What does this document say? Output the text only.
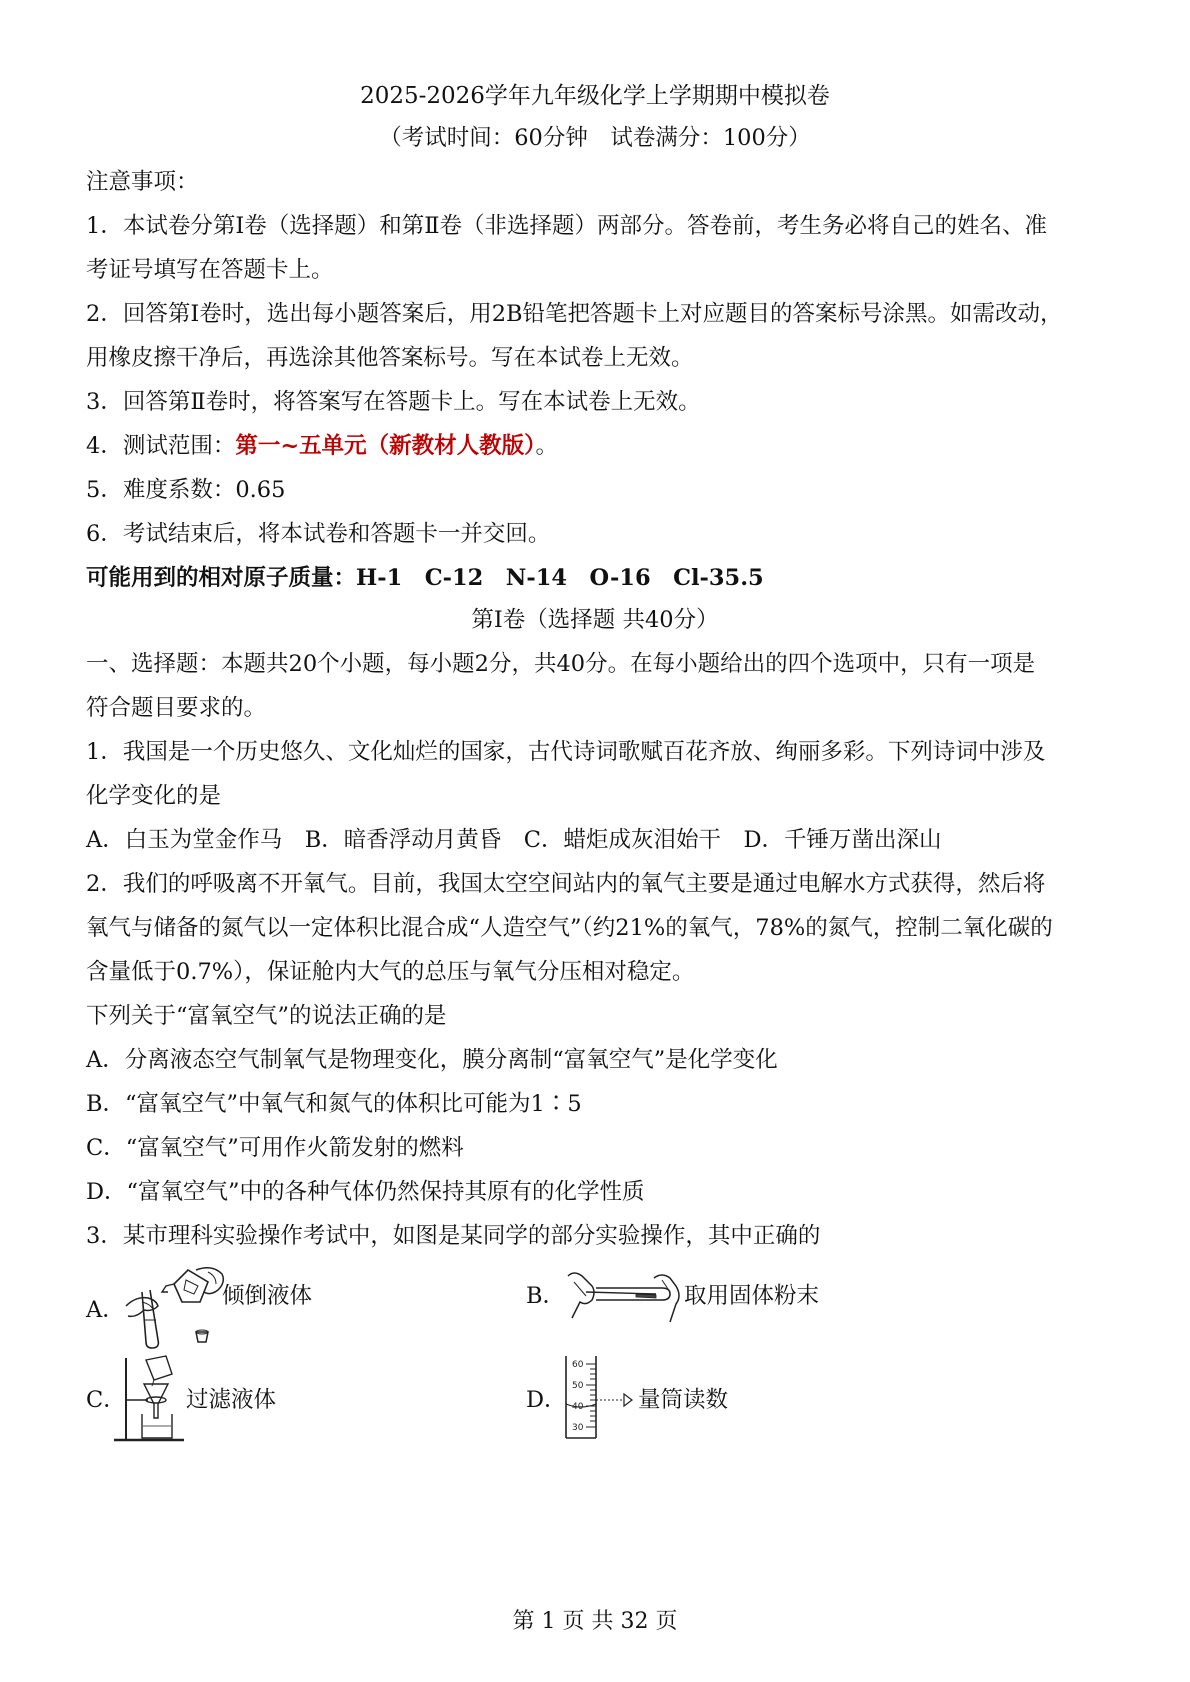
2025-2026学年九年级化学上学期期中模拟卷
（考试时间：60分钟　试卷满分：100分）
注意事项：
1．本试卷分第Ⅰ卷（选择题）和第Ⅱ卷（非选择题）两部分。答卷前，考生务必将自己的姓名、准
考证号填写在答题卡上。
2．回答第Ⅰ卷时，选出每小题答案后，用2B铅笔把答题卡上对应题目的答案标号涂黑。如需改动，
用橡皮擦干净后，再选涂其他答案标号。写在本试卷上无效。
3．回答第Ⅱ卷时，将答案写在答题卡上。写在本试卷上无效。
4．测试范围：第一~五单元（新教材人教版）。
5．难度系数：0.65
6．考试结束后，将本试卷和答题卡一并交回。
可能用到的相对原子质量：H-1　C-12　N-14　O-16　Cl-35.5
第Ⅰ卷（选择题 共40分）
一、选择题：本题共20个小题，每小题2分，共40分。在每小题给出的四个选项中，只有一项是
符合题目要求的。
1．我国是一个历史悠久、文化灿烂的国家，古代诗词歌赋百花齐放、绚丽多彩。下列诗词中涉及
化学变化的是
A．白玉为堂金作马　B．暗香浮动月黄昏　C．蜡炬成灰泪始干　D．千锤万凿出深山
2．我们的呼吸离不开氧气。目前，我国太空空间站内的氧气主要是通过电解水方式获得，然后将
氧气与储备的氮气以一定体积比混合成“人造空气”（约21%的氧气，78%的氮气，控制二氧化碳的
含量低于0.7%），保证舱内大气的总压与氧气分压相对稳定。
下列关于“富氧空气”的说法正确的是
A．分离液态空气制氧气是物理变化，膜分离制“富氧空气”是化学变化
B．“富氧空气”中氧气和氮气的体积比可能为1∶5
C．“富氧空气”可用作火箭发射的燃料
D．“富氧空气”中的各种气体仍然保持其原有的化学性质
3．某市理科实验操作考试中，如图是某同学的部分实验操作，其中正确的
A．
倾倒液体	B．	取用固体粉末
C．	过滤液体	D．
60
50
40
30
量筒读数
第 1 页 共 32 页
